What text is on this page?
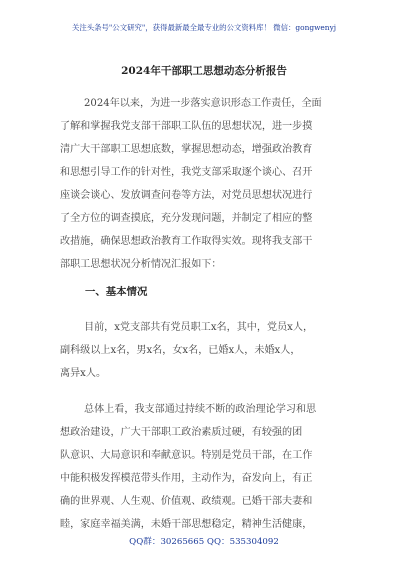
关注头条号"公文研究"，获得最新最全最专业的公文资料库！ 微信：gongwenyj
2024年干部职工思想动态分析报告
2024年以来，为进一步落实意识形态工作责任，全面
了解和掌握我党支部干部职工队伍的思想状况，进一步摸
清广大干部职工思想底数，掌握思想动态，增强政治教育
和思想引导工作的针对性，我党支部采取逐个谈心、召开
座谈会谈心、发放调查问卷等方法，对党员思想状况进行
了全方位的调查摸底，充分发现问题，并制定了相应的整
改措施，确保思想政治教育工作取得实效。现将我支部干
部职工思想状况分析情况汇报如下：
一、基本情况
目前，x党支部共有党员职工x名，其中，党员x人，
副科级以上x名，男x名，女x名，已婚x人，未婚x人，
离异x人。
总体上看，我支部通过持续不断的政治理论学习和思
想政治建设，广大干部职工政治素质过硬，有较强的团
队意识、大局意识和奉献意识。特别是党员干部，在工作
中能积极发挥模范带头作用，主动作为，奋发向上，有正
确的世界观、人生观、价值观、政绩观。已婚干部夫妻和
睦，家庭幸福美满，未婚干部思想稳定，精神生活健康，
QQ群：30265665 QQ：535304092
